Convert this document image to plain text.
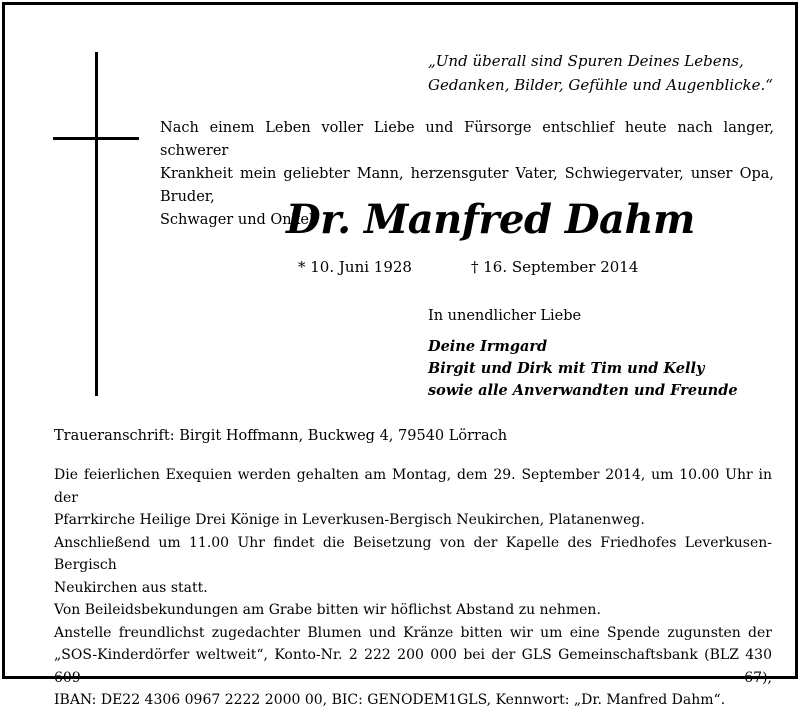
„Und überall sind Spuren Deines Lebens,
Gedanken, Bilder, Gefühle und Augenblicke.“
Nach einem Leben voller Liebe und Fürsorge entschlief heute nach langer, schwerer
Krankheit mein geliebter Mann, herzensguter Vater, Schwiegervater, unser Opa, Bruder,
Schwager und Onkel
Dr. Manfred Dahm
* 10. Juni 1928	† 16. September 2014
In unendlicher Liebe
Deine Irmgard
Birgit und Dirk mit Tim und Kelly
sowie alle Anverwandten und Freunde
Traueranschrift: Birgit Hoffmann, Buckweg 4, 79540 Lörrach
Die feierlichen Exequien werden gehalten am Montag, dem 29. September 2014, um 10.00 Uhr in der
Pfarrkirche Heilige Drei Könige in Leverkusen-Bergisch Neukirchen, Platanenweg.
Anschließend um 11.00 Uhr findet die Beisetzung von der Kapelle des Friedhofes Leverkusen-Bergisch
Neukirchen aus statt.
Von Beileidsbekundungen am Grabe bitten wir höflichst Abstand zu nehmen.
Anstelle freundlichst zugedachter Blumen und Kränze bitten wir um eine Spende zugunsten der
„SOS-Kinderdörfer weltweit“, Konto-Nr. 2 222 200 000 bei der GLS Gemeinschaftsbank (BLZ 430 609 67),
IBAN: DE22 4306 0967 2222 2000 00, BIC: GENODEM1GLS, Kennwort: „Dr. Manfred Dahm“.
